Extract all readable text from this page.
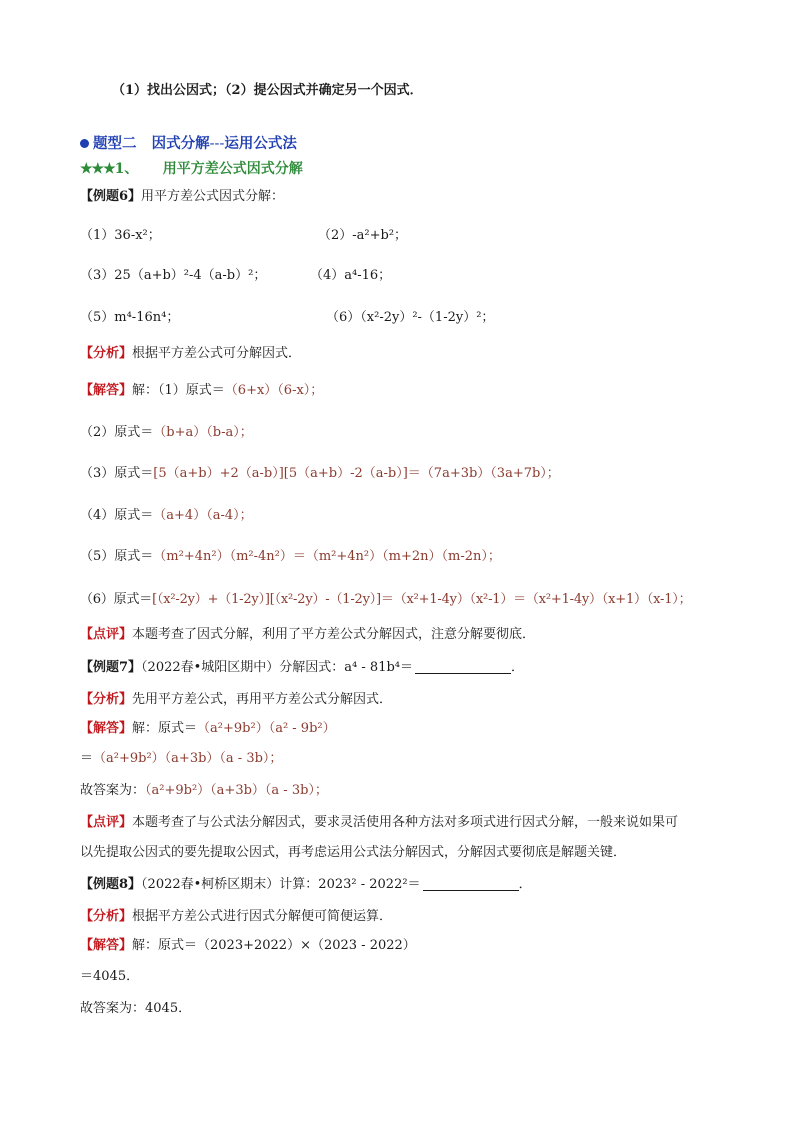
（1）找出公因式；（2）提公因式并确定另一个因式．
题型二 因式分解---运用公式法
★★★1、 用平方差公式因式分解
【例题6】用平方差公式因式分解：
（1）36-x²；	（2）-a²+b²；
（3）25（a+b）²-4（a-b）²；	（4）a⁴-16；
（5）m⁴-16n⁴；	（6）（x²-2y）²-（1-2y）²；
【分析】根据平方差公式可分解因式．
【解答】解：（1）原式＝（6+x）（6-x）；
（2）原式＝（b+a）（b-a）；
（3）原式＝[5（a+b）+2（a-b）][5（a+b）-2（a-b）]＝（7a+3b）（3a+7b）；
（4）原式＝（a+4）（a-4）；
（5）原式＝（m²+4n²）（m²-4n²）＝（m²+4n²）（m+2n）（m-2n）；
（6）原式＝[（x²-2y）+（1-2y）][（x²-2y）-（1-2y）]＝（x²+1-4y）（x²-1）＝（x²+1-4y）（x+1）（x-1）；
【点评】本题考查了因式分解，利用了平方差公式分解因式，注意分解要彻底．
【例题7】（2022春•城阳区期中）分解因式：a⁴ - 81b⁴＝	．
【分析】先用平方差公式，再用平方差公式分解因式．
【解答】解：原式＝（a²+9b²）（a² - 9b²）
＝（a²+9b²）（a+3b）（a - 3b）；
故答案为：（a²+9b²）（a+3b）（a - 3b）；
【点评】本题考查了与公式法分解因式，要求灵活使用各种方法对多项式进行因式分解，一般来说如果可
以先提取公因式的要先提取公因式，再考虑运用公式法分解因式，分解因式要彻底是解题关键．
【例题8】（2022春•柯桥区期末）计算：2023² - 2022²＝	．
【分析】根据平方差公式进行因式分解便可简便运算．
【解答】解：原式＝（2023+2022）×（2023 - 2022）
＝4045．
故答案为：4045．
